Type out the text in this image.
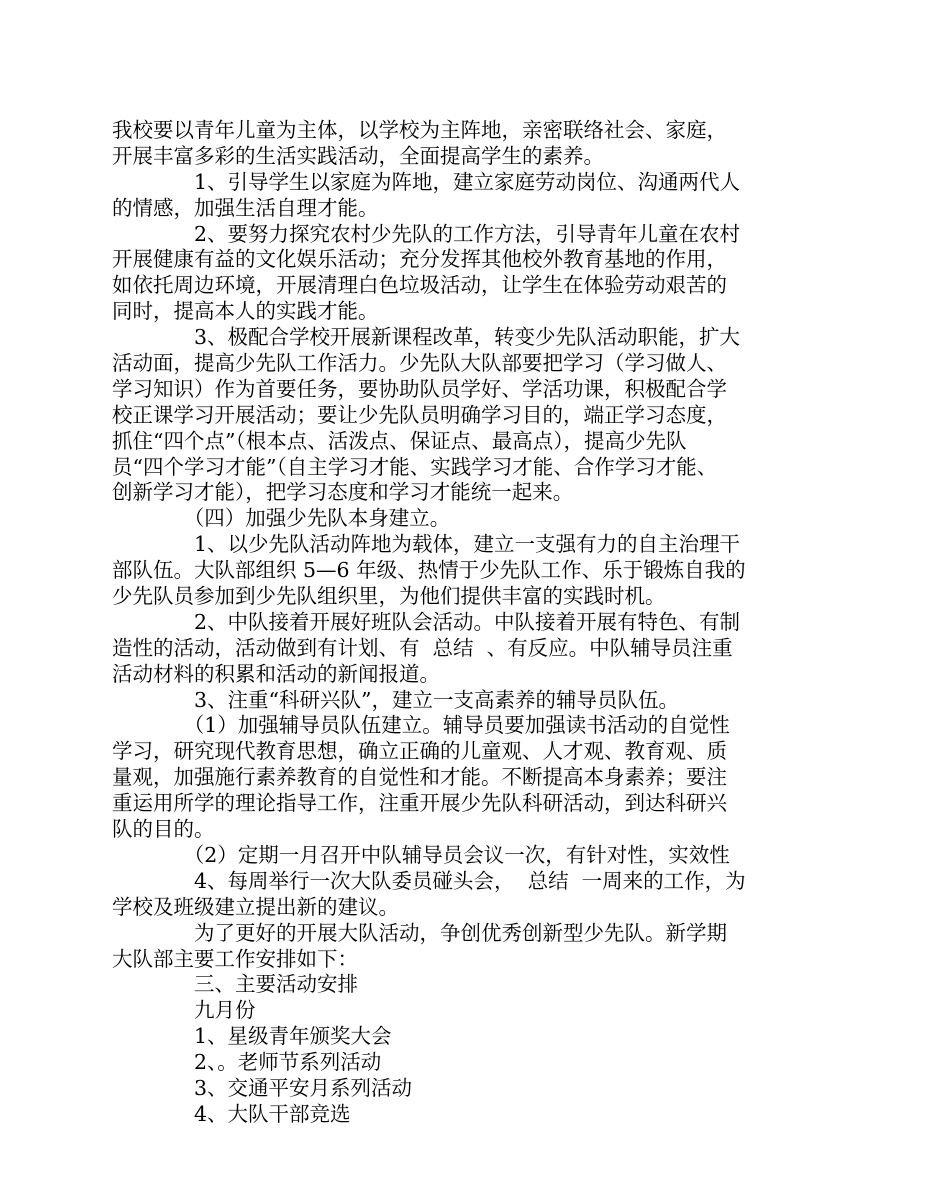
我校要以青年儿童为主体，以学校为主阵地，亲密联络社会、家庭，

开展丰富多彩的生活实践活动，全面提高学生的素养。

　　　　1、引导学生以家庭为阵地，建立家庭劳动岗位、沟通两代人

的情感，加强生活自理才能。

　　　　2、要努力探究农村少先队的工作方法，引导青年儿童在农村

开展健康有益的文化娱乐活动；充分发挥其他校外教育基地的作用，

如依托周边环境，开展清理白色垃圾活动，让学生在体验劳动艰苦的

同时，提高本人的实践才能。

　　　　3、极配合学校开展新课程改革，转变少先队活动职能，扩大

活动面，提高少先队工作活力。少先队大队部要把学习（学习做人、

学习知识）作为首要任务，要协助队员学好、学活功课，积极配合学

校正课学习开展活动；要让少先队员明确学习目的，端正学习态度，

抓住“四个点”（根本点、活泼点、保证点、最高点），提高少先队

员“四个学习才能”（自主学习才能、实践学习才能、合作学习才能、

创新学习才能），把学习态度和学习才能统一起来。

　　　　（四）加强少先队本身建立。

　　　　1、以少先队活动阵地为载体，建立一支强有力的自主治理干

部队伍。大队部组织 5—6 年级、热情于少先队工作、乐于锻炼自我的

少先队员参加到少先队组织里，为他们提供丰富的实践时机。

　　　　2、中队接着开展好班队会活动。中队接着开展有特色、有制

造性的活动，活动做到有计划、有  总结  、有反应。中队辅导员注重

活动材料的积累和活动的新闻报道。

　　　　3、注重“科研兴队”，建立一支高素养的辅导员队伍。

　　　　（1）加强辅导员队伍建立。辅导员要加强读书活动的自觉性

学习，研究现代教育思想，确立正确的儿童观、人才观、教育观、质

量观，加强施行素养教育的自觉性和才能。不断提高本身素养；要注

重运用所学的理论指导工作，注重开展少先队科研活动，到达科研兴

队的目的。

　　　　（2）定期一月召开中队辅导员会议一次，有针对性，实效性

　　　　4、每周举行一次大队委员碰头会，  总结  一周来的工作，为

学校及班级建立提出新的建议。

　　　　为了更好的开展大队活动，争创优秀创新型少先队。新学期

大队部主要工作安排如下：

　　　　三、主要活动安排

　　　　九月份

　　　　1、星级青年颁奖大会

　　　　2、。老师节系列活动

　　　　3、交通平安月系列活动

　　　　4、大队干部竞选
